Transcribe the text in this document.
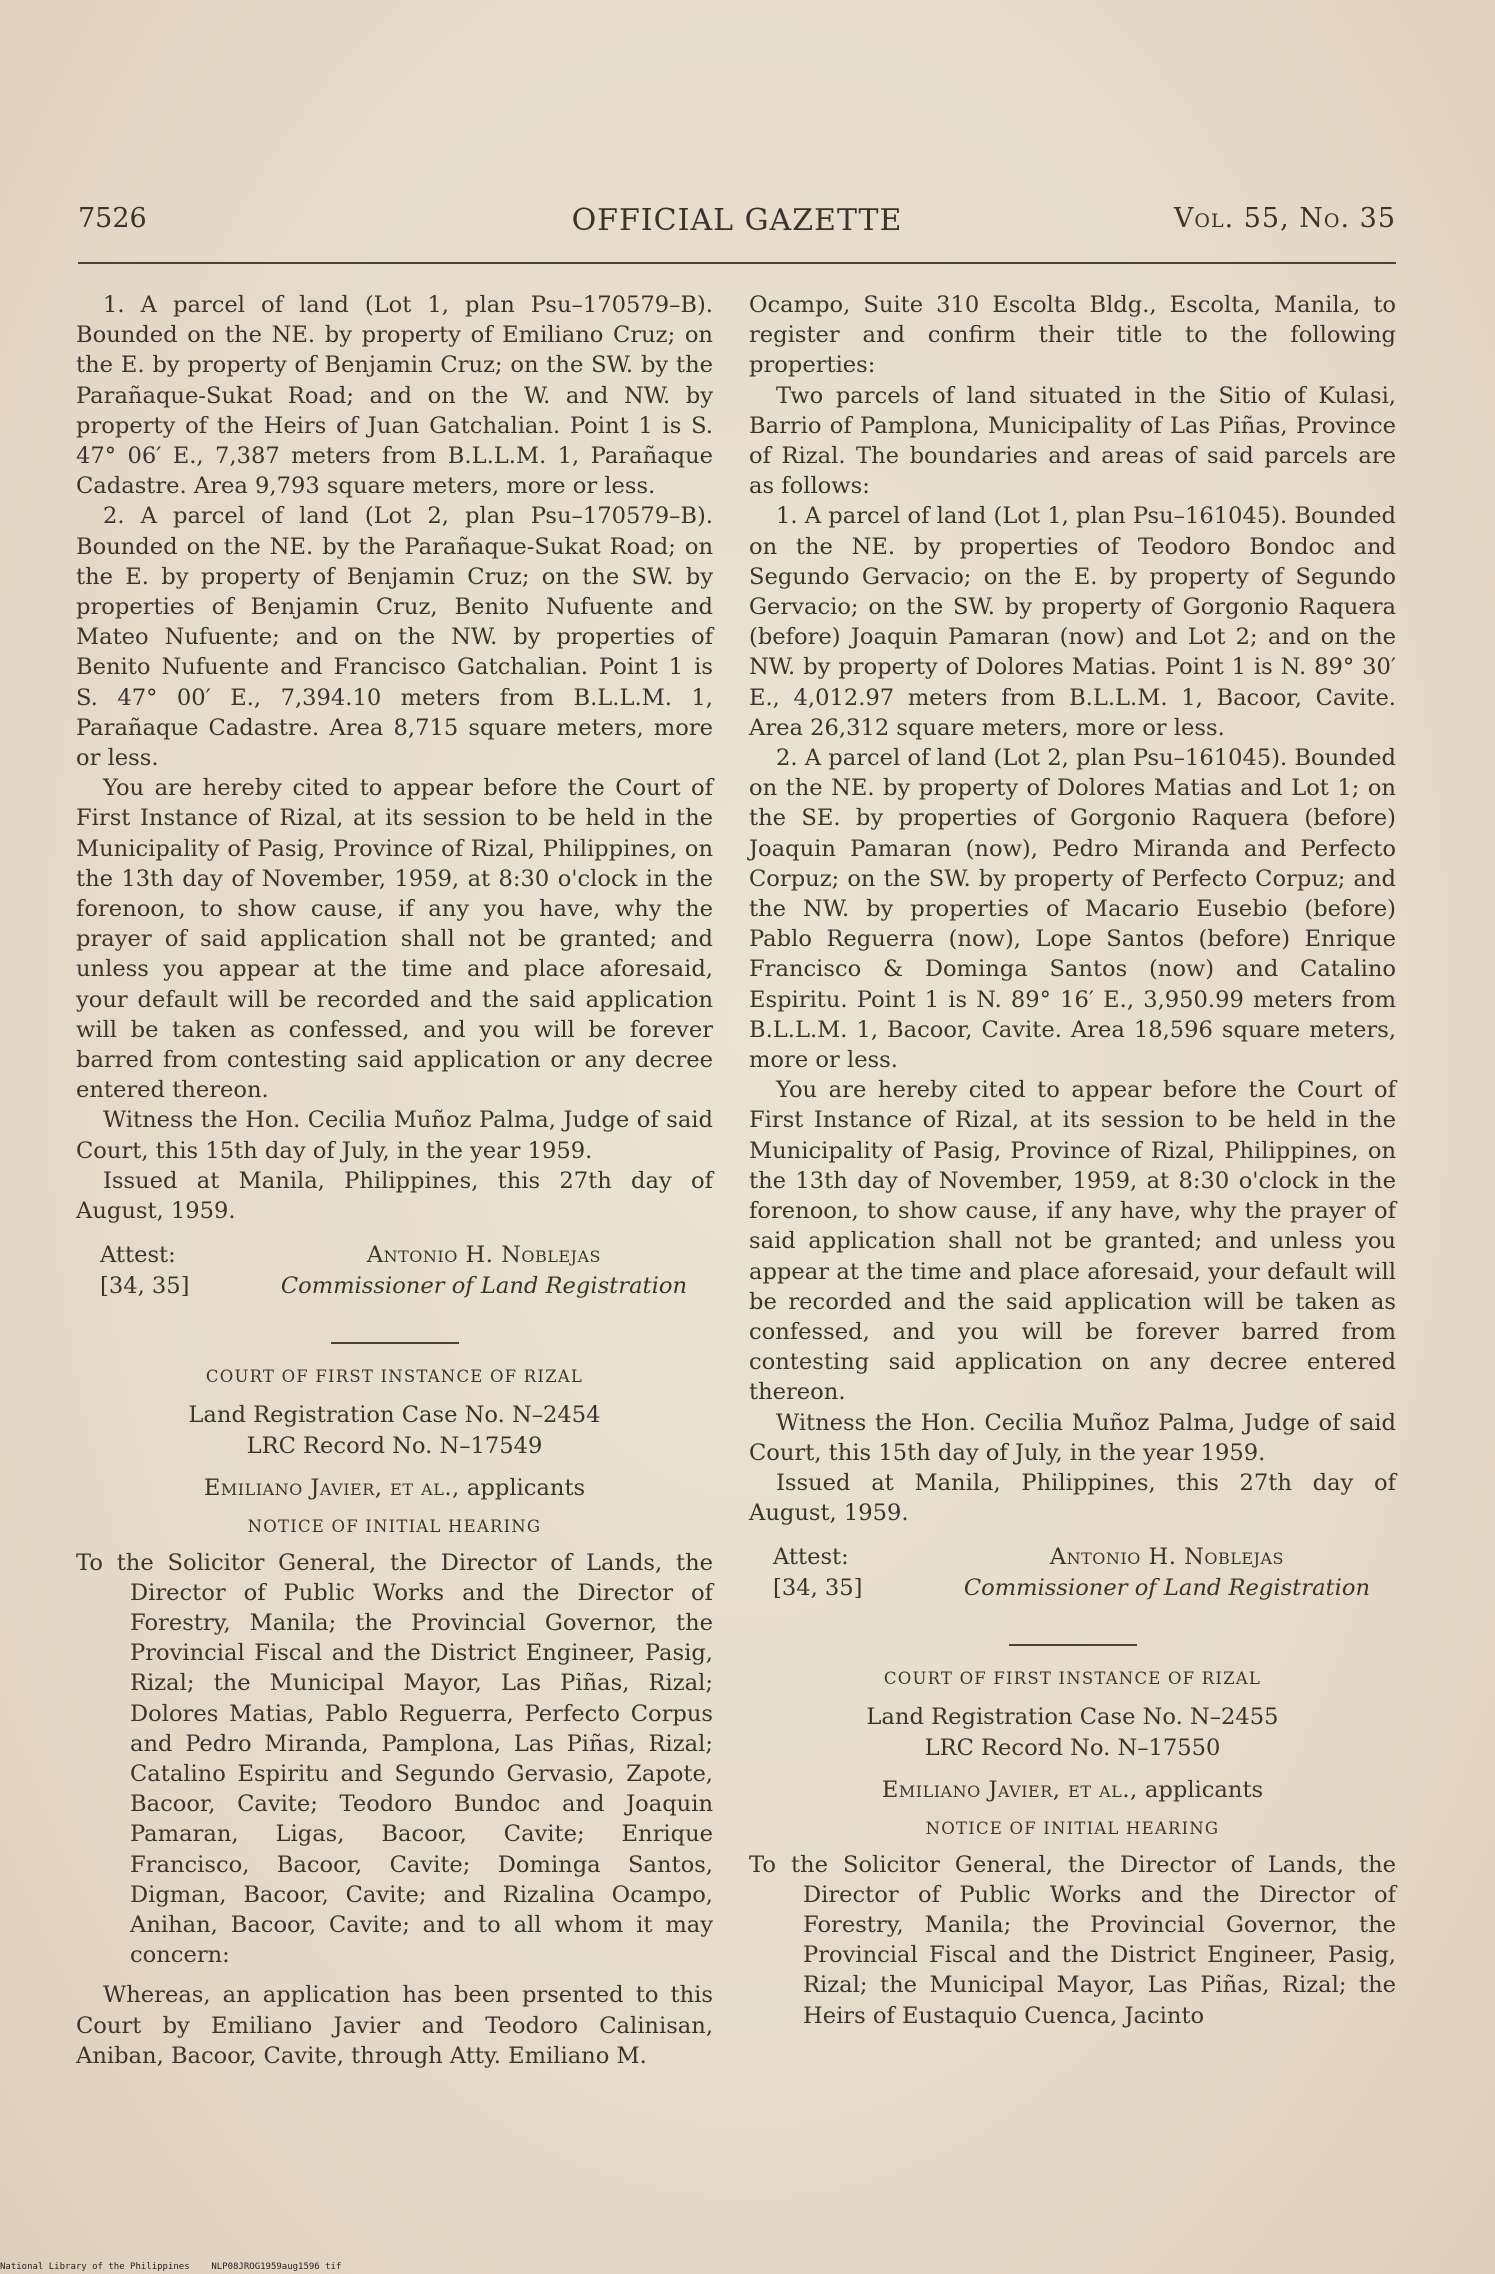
7526	OFFICIAL GAZETTE	Vol. 55, No. 35

1. A parcel of land (Lot 1, plan Psu–170579–B). Bounded on the NE. by property of Emiliano Cruz; on the E. by property of Benjamin Cruz; on the SW. by the Parañaque-Sukat Road; and on the W. and NW. by property of the Heirs of Juan Gatchalian. Point 1 is S. 47° 06′ E., 7,387 meters from B.L.L.M. 1, Parañaque Cadastre. Area 9,793 square meters, more or less.

2. A parcel of land (Lot 2, plan Psu–170579–B). Bounded on the NE. by the Parañaque-Sukat Road; on the E. by property of Benjamin Cruz; on the SW. by properties of Benjamin Cruz, Benito Nufuente and Mateo Nufuente; and on the NW. by properties of Benito Nufuente and Francisco Gatchalian. Point 1 is S. 47° 00′ E., 7,394.10 meters from B.L.L.M. 1, Parañaque Cadastre. Area 8,715 square meters, more or less.

You are hereby cited to appear before the Court of First Instance of Rizal, at its session to be held in the Municipality of Pasig, Province of Rizal, Philippines, on the 13th day of November, 1959, at 8:30 o'clock in the forenoon, to show cause, if any you have, why the prayer of said application shall not be granted; and unless you appear at the time and place aforesaid, your default will be recorded and the said application will be taken as confessed, and you will be forever barred from contesting said application or any decree entered thereon.

Witness the Hon. Cecilia Muñoz Palma, Judge of said Court, this 15th day of July, in the year 1959.

Issued at Manila, Philippines, this 27th day of August, 1959.

Attest:
[34, 35]
Antonio H. Noblejas
Commissioner of Land Registration
COURT OF FIRST INSTANCE OF RIZAL
Land Registration Case No. N–2454
LRC Record No. N–17549
Emiliano Javier, et al., applicants
NOTICE OF INITIAL HEARING

To the Solicitor General, the Director of Lands, the Director of Public Works and the Director of Forestry, Manila; the Provincial Governor, the Provincial Fiscal and the District Engineer, Pasig, Rizal; the Municipal Mayor, Las Piñas, Rizal; Dolores Matias, Pablo Reguerra, Perfecto Corpus and Pedro Miranda, Pamplona, Las Piñas, Rizal; Catalino Espiritu and Segundo Gervasio, Zapote, Bacoor, Cavite; Teodoro Bundoc and Joaquin Pamaran, Ligas, Bacoor, Cavite; Enrique Francisco, Bacoor, Cavite; Dominga Santos, Digman, Bacoor, Cavite; and Rizalina Ocampo, Anihan, Bacoor, Cavite; and to all whom it may concern:

Whereas, an application has been prsented to this Court by Emiliano Javier and Teodoro Calinisan, Aniban, Bacoor, Cavite, through Atty. Emiliano M.

Ocampo, Suite 310 Escolta Bldg., Escolta, Manila, to register and confirm their title to the following properties:

Two parcels of land situated in the Sitio of Kulasi, Barrio of Pamplona, Municipality of Las Piñas, Province of Rizal. The boundaries and areas of said parcels are as follows:

1. A parcel of land (Lot 1, plan Psu–161045). Bounded on the NE. by properties of Teodoro Bondoc and Segundo Gervacio; on the E. by property of Segundo Gervacio; on the SW. by property of Gorgonio Raquera (before) Joaquin Pamaran (now) and Lot 2; and on the NW. by property of Dolores Matias. Point 1 is N. 89° 30′ E., 4,012.97 meters from B.L.L.M. 1, Bacoor, Cavite. Area 26,312 square meters, more or less.

2. A parcel of land (Lot 2, plan Psu–161045). Bounded on the NE. by property of Dolores Matias and Lot 1; on the SE. by properties of Gorgonio Raquera (before) Joaquin Pamaran (now), Pedro Miranda and Perfecto Corpuz; on the SW. by property of Perfecto Corpuz; and the NW. by properties of Macario Eusebio (before) Pablo Reguerra (now), Lope Santos (before) Enrique Francisco & Dominga Santos (now) and Catalino Espiritu. Point 1 is N. 89° 16′ E., 3,950.99 meters from B.L.L.M. 1, Bacoor, Cavite. Area 18,596 square meters, more or less.

You are hereby cited to appear before the Court of First Instance of Rizal, at its session to be held in the Municipality of Pasig, Province of Rizal, Philippines, on the 13th day of November, 1959, at 8:30 o'clock in the forenoon, to show cause, if any have, why the prayer of said application shall not be granted; and unless you appear at the time and place aforesaid, your default will be recorded and the said application will be taken as confessed, and you will be forever barred from contesting said application on any decree entered thereon.

Witness the Hon. Cecilia Muñoz Palma, Judge of said Court, this 15th day of July, in the year 1959.

Issued at Manila, Philippines, this 27th day of August, 1959.

Attest:
[34, 35]
Antonio H. Noblejas
Commissioner of Land Registration
COURT OF FIRST INSTANCE OF RIZAL
Land Registration Case No. N–2455
LRC Record No. N–17550
Emiliano Javier, et al., applicants
NOTICE OF INITIAL HEARING

To the Solicitor General, the Director of Lands, the Director of Public Works and the Director of Forestry, Manila; the Provincial Governor, the Provincial Fiscal and the District Engineer, Pasig, Rizal; the Municipal Mayor, Las Piñas, Rizal; the Heirs of Eustaquio Cuenca, Jacinto

National Library of the Philippines NLP08JROG1959aug1596 tif
